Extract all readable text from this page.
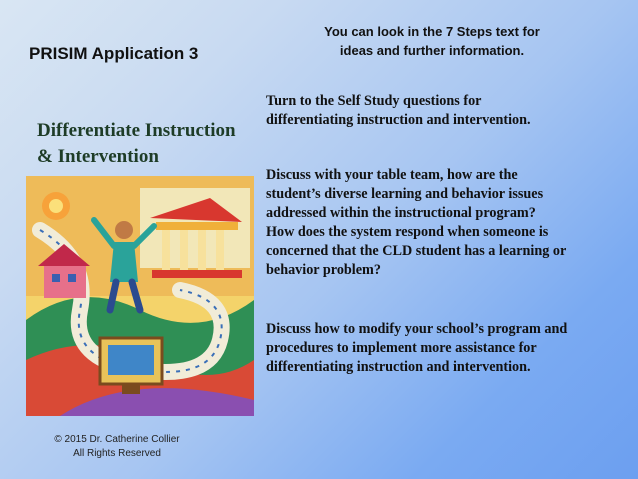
PRISIM Application 3
You can look in the 7 Steps text for
ideas and further information.
Differentiate Instruction
& Intervention
Turn to the Self Study questions for
differentiating instruction and intervention.
Discuss with your table team, how are the
student’s diverse learning and behavior issues
addressed within the instructional program?
How does the system respond when someone is
concerned that the CLD student has a learning or
behavior problem?
Discuss how to modify your school’s program and
procedures to implement more assistance for
differentiating instruction and intervention.
© 2015 Dr. Catherine Collier
All Rights Reserved
